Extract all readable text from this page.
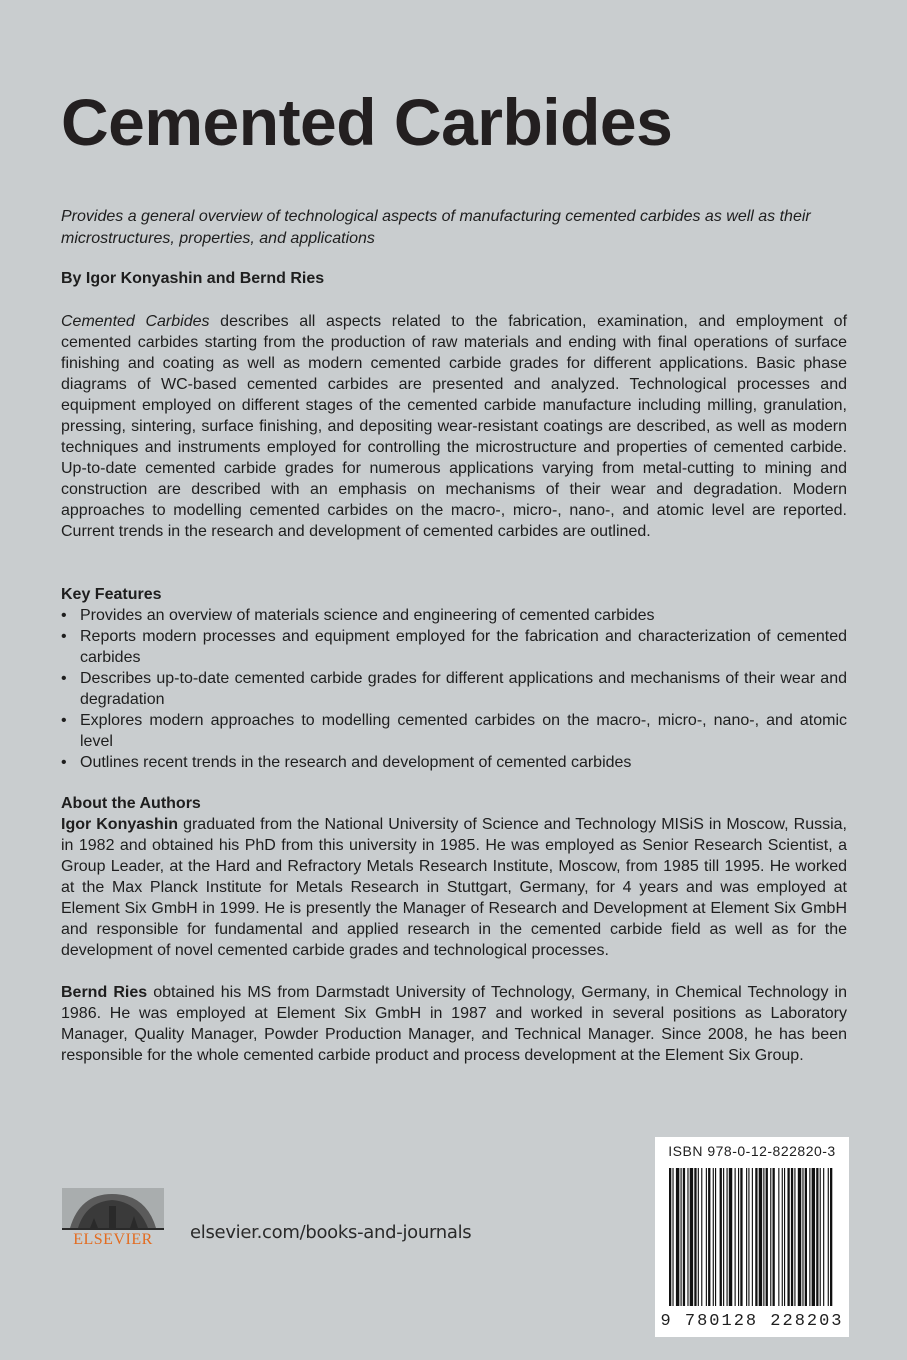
Cemented Carbides

Provides a general overview of technological aspects of manufacturing cemented carbides as well as their microstructures, properties, and applications

By Igor Konyashin and Bernd Ries

Cemented Carbides describes all aspects related to the fabrication, examination, and employment of cemented carbides starting from the production of raw materials and ending with final operations of surface finishing and coating as well as modern cemented carbide grades for different applications. Basic phase diagrams of WC-based cemented carbides are presented and analyzed. Technological processes and equipment employed on different stages of the cemented carbide manufacture including milling, granulation, pressing, sintering, surface finishing, and depositing wear-resistant coatings are described, as well as modern techniques and instruments employed for controlling the microstructure and properties of cemented carbide. Up-to-date cemented carbide grades for numerous applications varying from metal-cutting to mining and construction are described with an emphasis on mechanisms of their wear and degradation. Modern approaches to modelling cemented carbides on the macro-, micro-, nano-, and atomic level are reported. Current trends in the research and development of cemented carbides are outlined.

Key Features

• Provides an overview of materials science and engineering of cemented carbides
• Reports modern processes and equipment employed for the fabrication and characterization of cemented carbides
• Describes up-to-date cemented carbide grades for different applications and mechanisms of their wear and degradation
• Explores modern approaches to modelling cemented carbides on the macro-, micro-, nano-, and atomic level
• Outlines recent trends in the research and development of cemented carbides

About the Authors

Igor Konyashin graduated from the National University of Science and Technology MISiS in Moscow, Russia, in 1982 and obtained his PhD from this university in 1985. He was employed as Senior Research Scientist, a Group Leader, at the Hard and Refractory Metals Research Institute, Moscow, from 1985 till 1995. He worked at the Max Planck Institute for Metals Research in Stuttgart, Germany, for 4 years and was employed at Element Six GmbH in 1999. He is presently the Manager of Research and Development at Element Six GmbH and responsible for fundamental and applied research in the cemented carbide field as well as for the development of novel cemented carbide grades and technological processes.

Bernd Ries obtained his MS from Darmstadt University of Technology, Germany, in Chemical Technology in 1986. He was employed at Element Six GmbH in 1987 and worked in several positions as Laboratory Manager, Quality Manager, Powder Production Manager, and Technical Manager. Since 2008, he has been responsible for the whole cemented carbide product and process development at the Element Six Group.

ELSEVIER elsevier.com/books-and-journals
ISBN 978-0-12-822820-3
9 780128 228203
